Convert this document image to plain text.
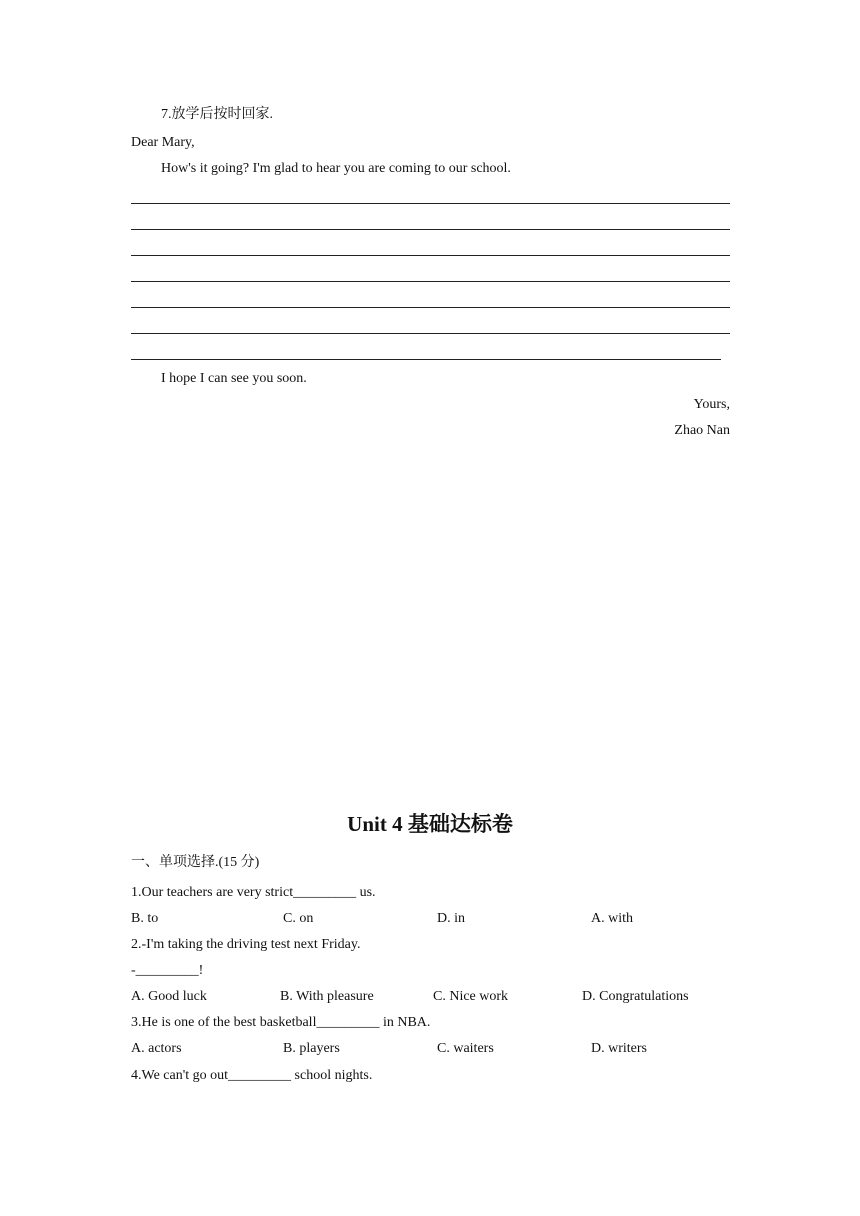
7.放学后按时回家.
Dear Mary,
How's it going? I'm glad to hear you are coming to our school.
I hope I can see you soon.
Yours,
Zhao Nan
Unit 4 基础达标卷
一、单项选择.(15 分)
1.Our teachers are very strict_________ us.
B. to	C. on	D. in	A. with
2.-I'm taking the driving test next Friday.
-_________!
A. Good luck	B. With pleasure	C. Nice work	D. Congratulations
3.He is one of the best basketball_________ in NBA.
A. actors	B. players	C. waiters	D. writers
4.We can't go out_________ school nights.
